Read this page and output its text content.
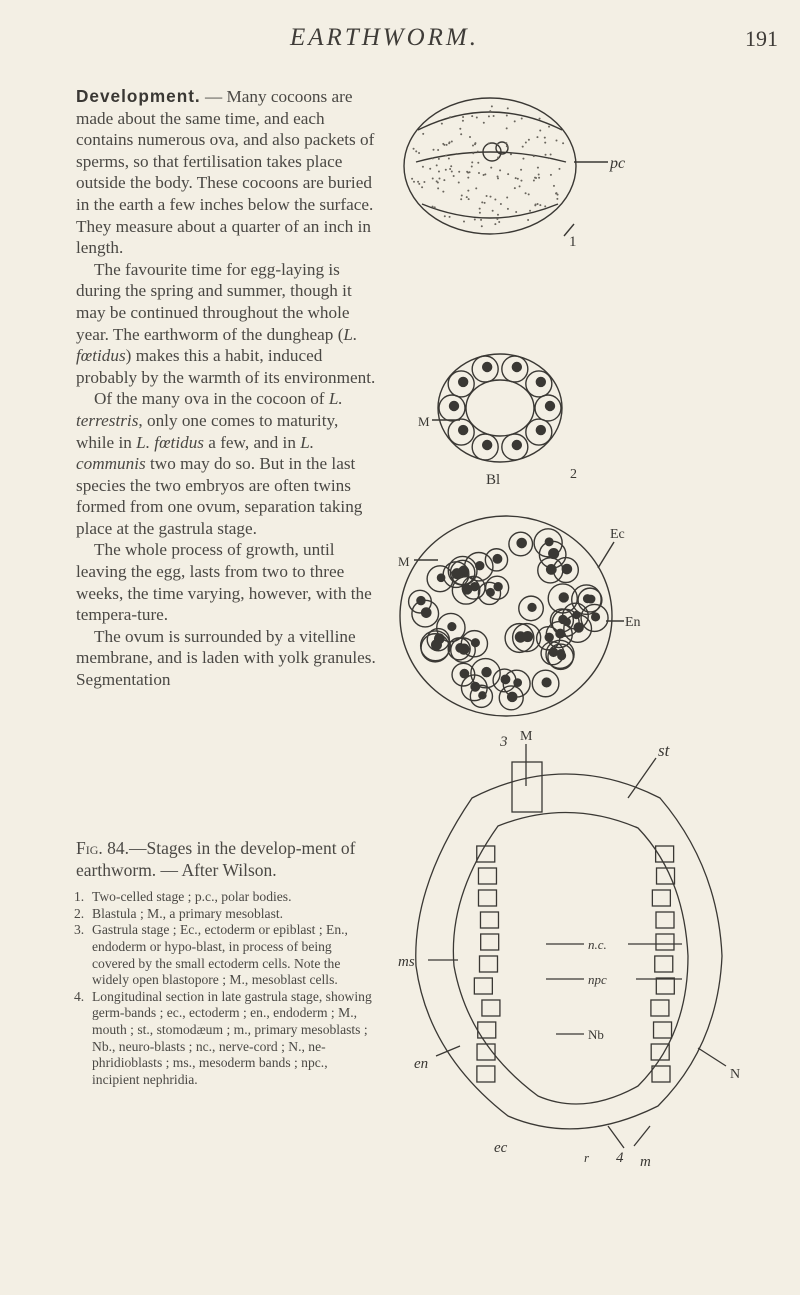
EARTHWORM.	191

Development. — Many cocoons are made about the same time, and each contains numerous ova, and also packets of sperms, so that fertilisation takes place outside the body. These cocoons are buried in the earth a few inches below the surface. They measure about a quarter of an inch in length.

The favourite time for egg-laying is during the spring and summer, though it may be continued throughout the whole year. The earthworm of the dungheap (L. fœtidus) makes this a habit, induced probably by the warmth of its environment.

Of the many ova in the cocoon of L. terrestris, only one comes to maturity, while in L. fœtidus a few, and in L. communis two may do so. But in the last species the two embryos are often twins formed from one ovum, separation taking place at the gastrula stage.

The whole process of growth, until leaving the egg, lasts from two to three weeks, the time varying, however, with the tempera-ture.

The ovum is surrounded by a vitelline membrane, and is laden with yolk granules. Segmentation

Fig. 84.—Stages in the develop-ment of earthworm. — After Wilson.

1. Two-celled stage ; p.c., polar bodies.
2. Blastula ; M., a primary mesoblast.
3. Gastrula stage ; Ec., ectoderm or epiblast ; En., endoderm or hypo-blast, in process of being covered by the small ectoderm cells. Note the widely open blastopore ; M., mesoblast cells.
4. Longitudinal section in late gastrula stage, showing germ-bands ; ec., ectoderm ; en., endoderm ; M., mouth ; st., stomodæum ; m., primary mesoblasts ; Nb., neuro-blasts ; nc., nerve-cord ; N., ne-phridioblasts ; ms., mesoderm bands ; npc., incipient nephridia.
pc
1
M
Bl	2
Ec
M
En
3 M
st
n.c.
npc
ms
Nb
en
N
ec
r 4 m
